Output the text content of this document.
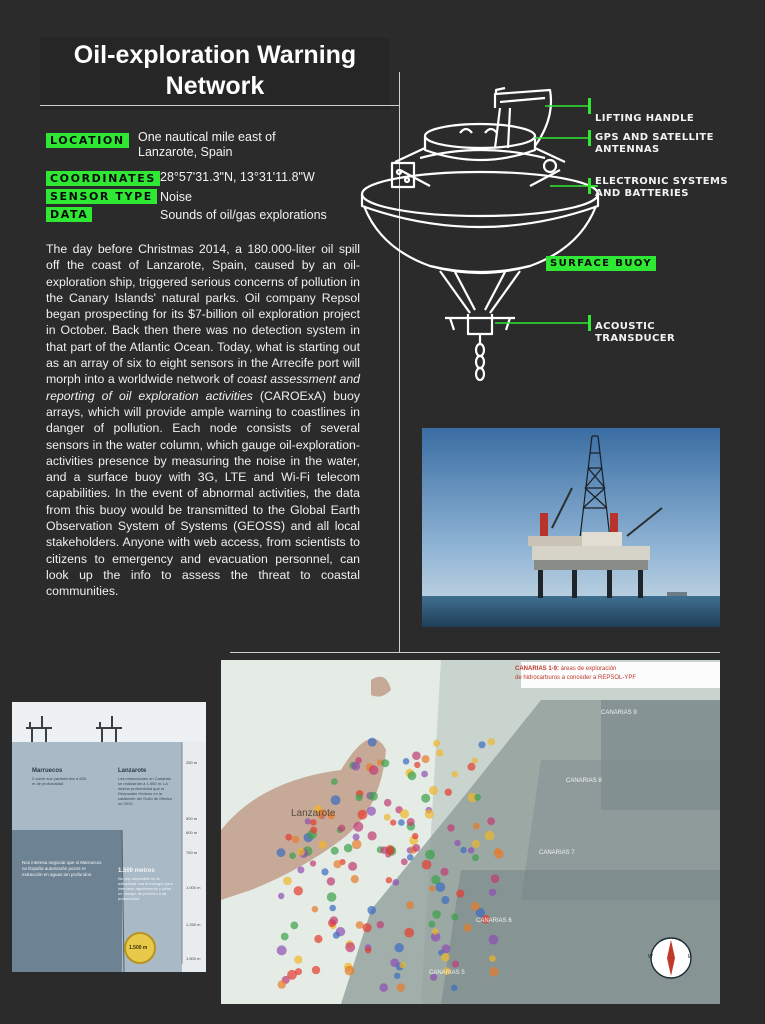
Oil-exploration Warning
Network
LOCATION	One nautical mile east of
Lanzarote, Spain
COORDINATES 28°57'31.3"N, 13°31'11.8"W
SENSOR TYPE Noise
DATA	Sounds of oil/gas explorations
The day before Christmas 2014, a 180.000-liter oil spill off the coast of Lanzarote, Spain, caused by an oil-exploration ship, triggered serious concerns of pollution in the Canary Islands' natural parks. Oil company Repsol began prospecting for its $7-billion oil exploration project in October. Back then there was no detection system in that part of the Atlantic Ocean. Today, what is starting out as an array of six to eight sensors in the Arrecife port will morph into a worldwide network of coast assessment and reporting of oil exploration activities (CAROExA) buoy arrays, which will provide ample warning to coastlines in danger of pollution. Each node consists of several sensors in the water column, which gauge oil-exploration-activities presence by measuring the noise in the water, and a surface buoy with 3G, LTE and Wi-Fi telecom capabilities. In the event of abnormal activities, the data from this buoy would be transmitted to the Global Earth Observation System of Systems (GEOSS) and all local stakeholders. Anyone with web access, from scientists to citizens to emergency and evacuation personnel, can look up the info to assess the threat to coastal communities.
LIFTING HANDLE
GPS AND SATELLITE
ANTENNAS
ELECTRONIC SYSTEMS
AND BATTERIES
SURFACE BUOY
ACOUSTIC
TRANSDUCER
Marruecos
2 sobre sus yacimientos a 600 m de profundidad
Lanzarote
Las extracciones en Canarias se realizarían a 1.500 m. La misma profundidad que la Deepwater Horizon en la catástrofe del Golfo de México en 2010.
1.500 metros
No hay disponible en la actualidad una tecnología para intervenir rápidamente y sellar un escape de petróleo a tal profundidad.
Nos interesa negociar que si Marruecos no España autorizarán pozos re extracción en aguas tan profundos.
250 m
500 m
600 m
750 m
1.000 m
1.250 m
1.500 m
1.500 m
CANARIAS 1-9: áreas de exploración
de hidrocarburos a conceder a REPSOL-YPF
Lanzarote
CANARIAS 9
CANARIAS 8
CANARIAS 7
CANARIAS 6
CANARIAS 5
W	E
